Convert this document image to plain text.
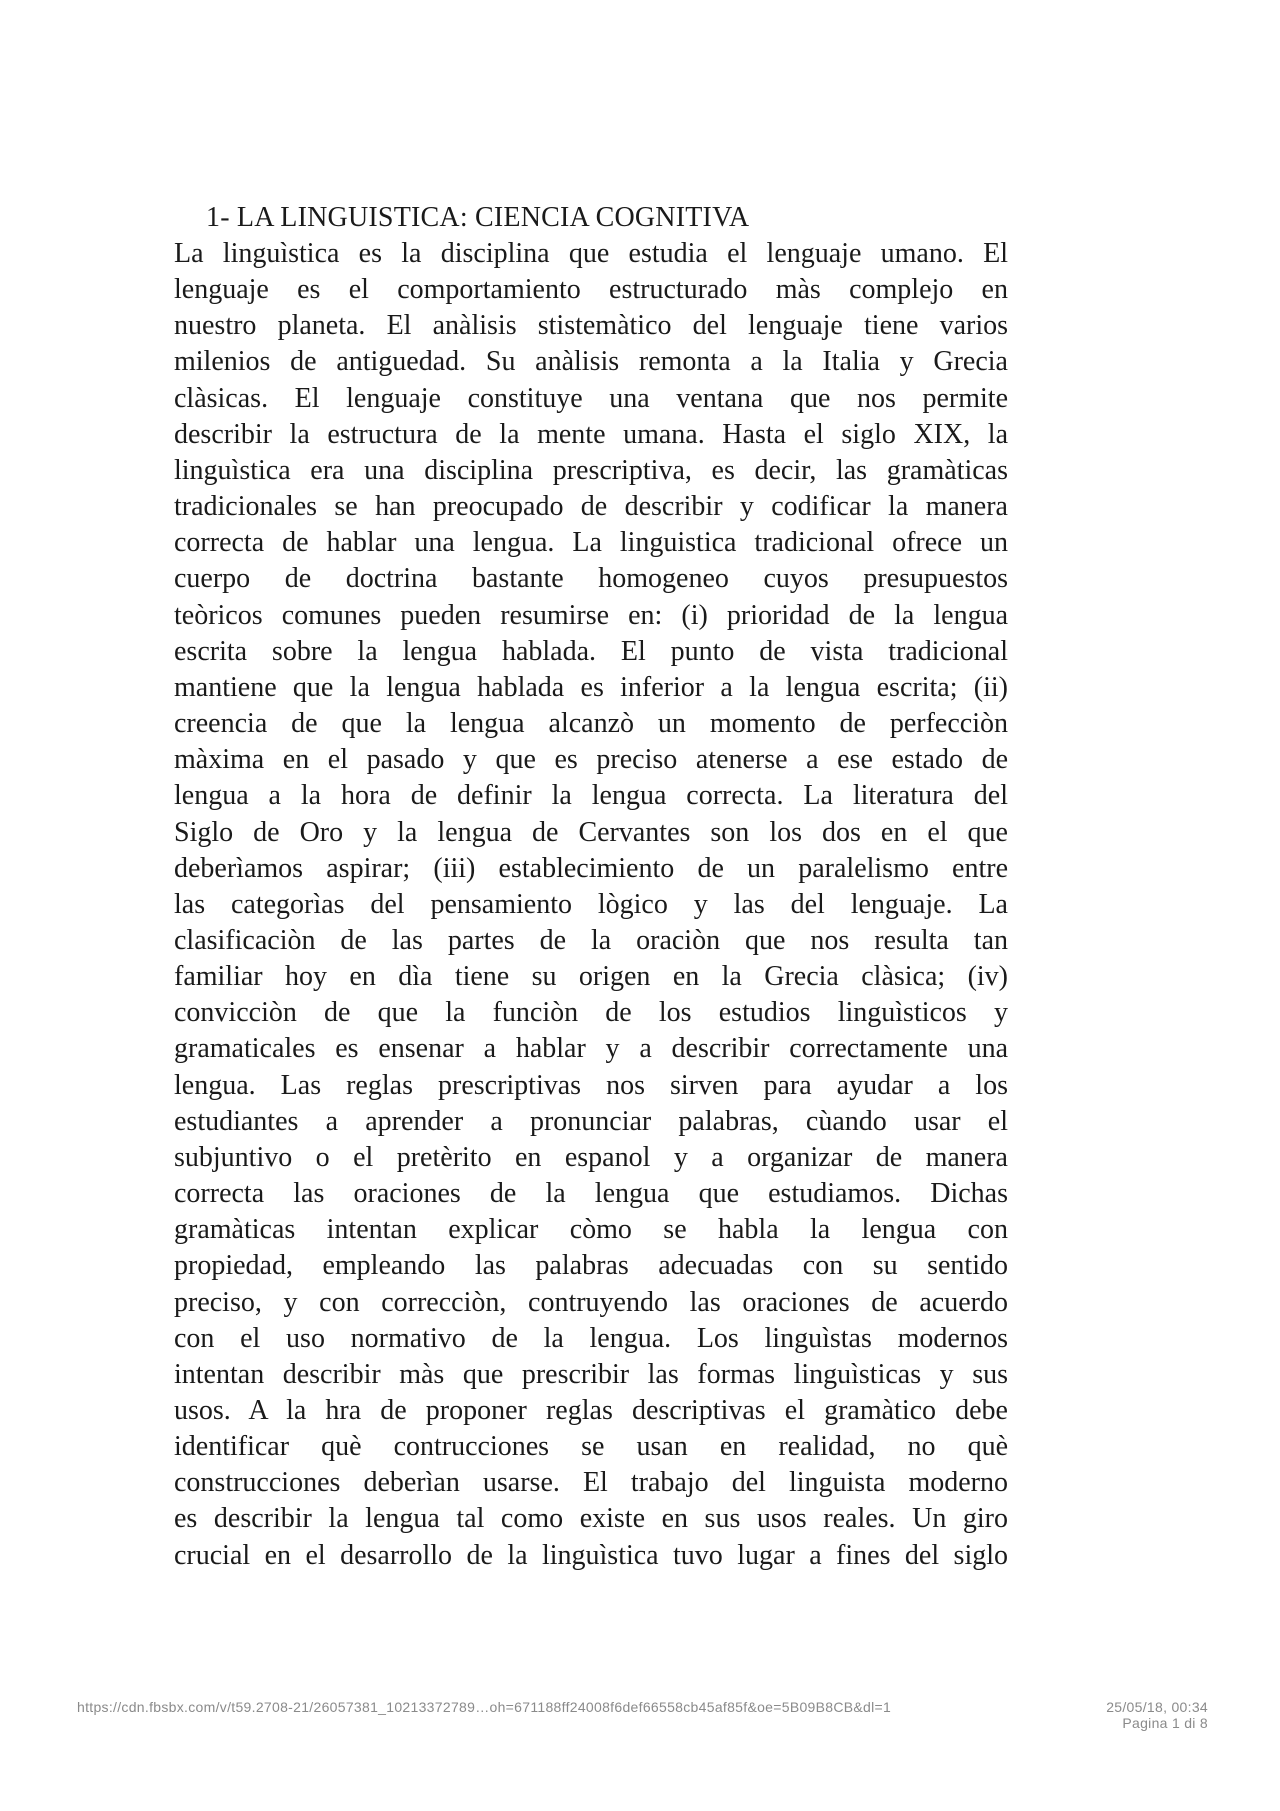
1- LA LINGUISTICA: CIENCIA COGNITIVA

La linguìstica es la disciplina que estudia el lenguaje umano. El

lenguaje es el comportamiento estructurado màs complejo en

nuestro planeta. El anàlisis stistemàtico del lenguaje tiene varios

milenios de antiguedad. Su anàlisis remonta a la Italia y Grecia

clàsicas. El lenguaje constituye una ventana que nos permite

describir la estructura de la mente umana. Hasta el siglo XIX, la

linguìstica era una disciplina prescriptiva, es decir, las gramàticas

tradicionales se han preocupado de describir y codificar la manera

correcta de hablar una lengua. La linguistica tradicional ofrece un

cuerpo de doctrina bastante homogeneo cuyos presupuestos

teòricos comunes pueden resumirse en: (i) prioridad de la lengua

escrita sobre la lengua hablada. El punto de vista tradicional

mantiene que la lengua hablada es inferior a la lengua escrita; (ii)

creencia de que la lengua alcanzò un momento de perfecciòn

màxima en el pasado y que es preciso atenerse a ese estado de

lengua a la hora de definir la lengua correcta. La literatura del

Siglo de Oro y la lengua de Cervantes son los dos en el que

deberìamos aspirar; (iii) establecimiento de un paralelismo entre

las categorìas del pensamiento lògico y las del lenguaje. La

clasificaciòn de las partes de la oraciòn que nos resulta tan

familiar hoy en dìa tiene su origen en la Grecia clàsica; (iv)

convicciòn de que la funciòn de los estudios linguìsticos y

gramaticales es ensenar a hablar y a describir correctamente una

lengua. Las reglas prescriptivas nos sirven para ayudar a los

estudiantes a aprender a pronunciar palabras, cùando usar el

subjuntivo o el pretèrito en espanol y a organizar de manera

correcta las oraciones de la lengua que estudiamos. Dichas

gramàticas intentan explicar còmo se habla la lengua con

propiedad, empleando las palabras adecuadas con su sentido

preciso, y con correcciòn, contruyendo las oraciones de acuerdo

con el uso normativo de la lengua. Los linguìstas modernos

intentan describir màs que prescribir las formas linguìsticas y sus

usos. A la hra de proponer reglas descriptivas el gramàtico debe

identificar què contrucciones se usan en realidad, no què

construcciones deberìan usarse. El trabajo del linguista moderno

es describir la lengua tal como existe en sus usos reales. Un giro

crucial en el desarrollo de la linguìstica tuvo lugar a fines del siglo

https://cdn.fbsbx.com/v/t59.2708-21/26057381_10213372789…oh=671188ff24008f6def66558cb45af85f&oe=5B09B8CB&dl=1	25/05/18, 00:34
Pagina 1 di 8
